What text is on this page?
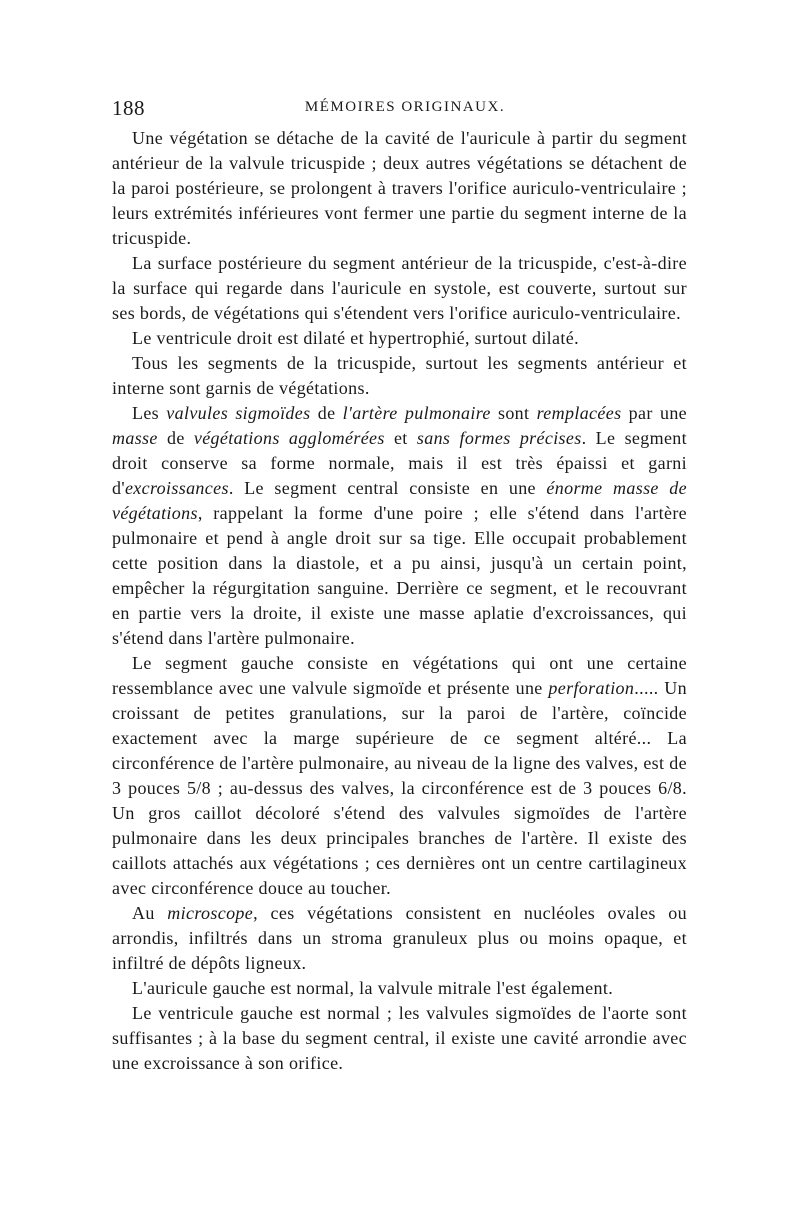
188	MÉMOIRES ORIGINAUX.

Une végétation se détache de la cavité de l'auricule à partir du segment antérieur de la valvule tricuspide ; deux autres végétations se détachent de la paroi postérieure, se prolongent à travers l'orifice auriculo-ventriculaire ; leurs extrémités inférieures vont fermer une partie du segment interne de la tricuspide.

La surface postérieure du segment antérieur de la tricuspide, c'est-à-dire la surface qui regarde dans l'auricule en systole, est couverte, surtout sur ses bords, de végétations qui s'étendent vers l'orifice auriculo-ventriculaire.

Le ventricule droit est dilaté et hypertrophié, surtout dilaté.

Tous les segments de la tricuspide, surtout les segments antérieur et interne sont garnis de végétations.

Les valvules sigmoïdes de l'artère pulmonaire sont remplacées par une masse de végétations agglomérées et sans formes précises. Le segment droit conserve sa forme normale, mais il est très épaissi et garni d'excroissances. Le segment central consiste en une énorme masse de végétations, rappelant la forme d'une poire ; elle s'étend dans l'artère pulmonaire et pend à angle droit sur sa tige. Elle occupait probablement cette position dans la diastole, et a pu ainsi, jusqu'à un certain point, empêcher la régurgitation sanguine. Derrière ce segment, et le recouvrant en partie vers la droite, il existe une masse aplatie d'excroissances, qui s'étend dans l'artère pulmonaire.

Le segment gauche consiste en végétations qui ont une certaine ressemblance avec une valvule sigmoïde et présente une perforation..... Un croissant de petites granulations, sur la paroi de l'artère, coïncide exactement avec la marge supérieure de ce segment altéré... La circonférence de l'artère pulmonaire, au niveau de la ligne des valves, est de 3 pouces 5/8 ; au-dessus des valves, la circonférence est de 3 pouces 6/8. Un gros caillot décoloré s'étend des valvules sigmoïdes de l'artère pulmonaire dans les deux principales branches de l'artère. Il existe des caillots attachés aux végétations ; ces dernières ont un centre cartilagineux avec circonférence douce au toucher.

Au microscope, ces végétations consistent en nucléoles ovales ou arrondis, infiltrés dans un stroma granuleux plus ou moins opaque, et infiltré de dépôts ligneux.

L'auricule gauche est normal, la valvule mitrale l'est également.

Le ventricule gauche est normal ; les valvules sigmoïdes de l'aorte sont suffisantes ; à la base du segment central, il existe une cavité arrondie avec une excroissance à son orifice.
